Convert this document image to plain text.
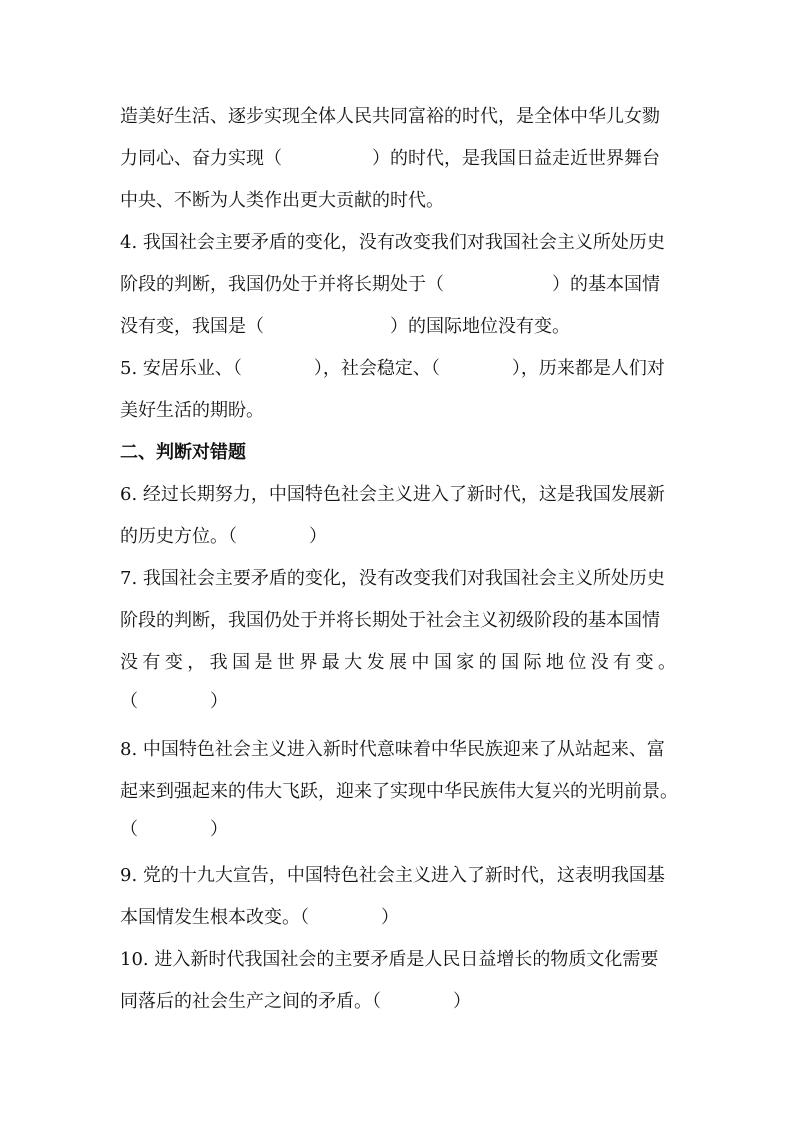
造美好生活、逐步实现全体人民共同富裕的时代，是全体中华儿女勠
力同心、奋力实现（　　　　　）的时代，是我国日益走近世界舞台
中央、不断为人类作出更大贡献的时代。
4. 我国社会主要矛盾的变化，没有改变我们对我国社会主义所处历史
阶段的判断，我国仍处于并将长期处于（　　　　　　）的基本国情
没有变，我国是（　　　　　　　）的国际地位没有变。
5. 安居乐业、（　　　　），社会稳定、（　　　　），历来都是人们对
美好生活的期盼。
二、判断对错题
6. 经过长期努力，中国特色社会主义进入了新时代，这是我国发展新
的历史方位。（　　　　）
7. 我国社会主要矛盾的变化，没有改变我们对我国社会主义所处历史
阶段的判断，我国仍处于并将长期处于社会主义初级阶段的基本国情
没有变，我国是世界最大发展中国家的国际地位没有变。
（　　　　）
8. 中国特色社会主义进入新时代意味着中华民族迎来了从站起来、富
起来到强起来的伟大飞跃，迎来了实现中华民族伟大复兴的光明前景。
（　　　　）
9. 党的十九大宣告，中国特色社会主义进入了新时代，这表明我国基
本国情发生根本改变。（　　　　）
10. 进入新时代我国社会的主要矛盾是人民日益增长的物质文化需要
同落后的社会生产之间的矛盾。（　　　　）
